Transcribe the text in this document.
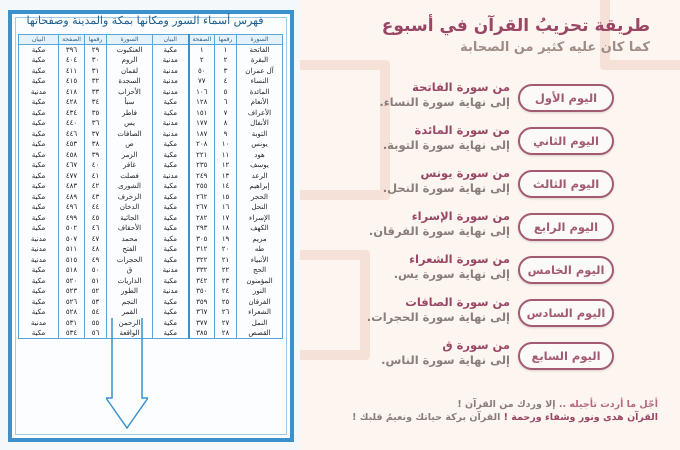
فهرس أسماء السور ومكانها بمكة والمدينة وصفحاتها
السورة	رقمها	الصفحة	البيان	السورة	رقمها	الصفحة	البيان
الفاتحة	١	١	مكية	العنكبوت	٢٩	٣٩٦	مكية
البقرة	٢	٢	مدنية	الروم	٣٠	٤٠٤	مكية
آل عمران	٣	٥٠	مدنية	لقمان	٣١	٤١١	مكية
النساء	٤	٧٧	مدنية	السجدة	٣٢	٤١٥	مكية
المائدة	٥	١٠٦	مدنية	الأحزاب	٣٣	٤١٨	مدنية
الأنعام	٦	١٢٨	مكية	سبأ	٣٤	٤٢٨	مكية
الأعراف	٧	١٥١	مكية	فاطر	٣٥	٤٣٤	مكية
الأنفال	٨	١٧٧	مدنية	يس	٣٦	٤٤٠	مكية
التوبة	٩	١٨٧	مدنية	الصافات	٣٧	٤٤٦	مكية
يونس	١٠	٢٠٨	مكية	ص	٣٨	٤٥٣	مكية
هود	١١	٢٢١	مكية	الزمر	٣٩	٤٥٨	مكية
يوسف	١٢	٢٣٥	مكية	غافر	٤٠	٤٦٧	مكية
الرعد	١٣	٢٤٩	مدنية	فصلت	٤١	٤٧٧	مكية
إبراهيم	١٤	٢٥٥	مكية	الشورى	٤٢	٤٨٣	مكية
الحجر	١٥	٢٦٢	مكية	الزخرف	٤٣	٤٨٩	مكية
النحل	١٦	٢٦٧	مكية	الدخان	٤٤	٤٩٦	مكية
الإسراء	١٧	٢٨٢	مكية	الجاثية	٤٥	٤٩٩	مكية
الكهف	١٨	٢٩٣	مكية	الأحقاف	٤٦	٥٠٢	مكية
مريم	١٩	٣٠٥	مكية	محمد	٤٧	٥٠٧	مدنية
طه	٢٠	٣١٢	مكية	الفتح	٤٨	٥١١	مدنية
الأنبياء	٢١	٣٢٢	مكية	الحجرات	٤٩	٥١٥	مدنية
الحج	٢٢	٣٣٢	مدنية	ق	٥٠	٥١٨	مكية
المؤمنون	٢٣	٣٤٢	مكية	الذاريات	٥١	٥٢٠	مكية
النور	٢٤	٣٥٠	مدنية	الطور	٥٢	٥٢٣	مكية
الفرقان	٢٥	٣٥٩	مكية	النجم	٥٣	٥٢٦	مكية
الشعراء	٢٦	٣٦٧	مكية	القمر	٥٤	٥٢٨	مكية
النمل	٢٧	٣٧٧	مكية	الرحمن	٥٥	٥٣١	مدنية
القصص	٢٨	٣٨٥	مكية	الواقعة	٥٦	٥٣٤	مكية
طريقة تحزيبُ القرآن في أسبوع
كما كان عليه كثير من الصحابة
من سورة الفاتحة
إلى نهاية سورة النساء.	اليوم الأول
من سورة المائدة
إلى نهاية سورة التوبة.	اليوم الثاني
من سورة يونس
إلى نهاية سورة النحل.	اليوم الثالث
من سورة الإسراء
إلى نهاية سورة الفرقان.	اليوم الرابع
من سورة الشعراء
إلى نهاية سورة يس.	اليوم الخامس
من سورة الصافات
إلى نهاية سورة الحجرات.	اليوم السادس
من سورة ق
إلى نهاية سورة الناس.	اليوم السابع
أجّل ما أردت تأجيله .. إلا وردك من القرآن !
القرآن هدى ونور وشفاء ورحمة ! القرآن بركة حياتك ونعيمُ قلبك !
